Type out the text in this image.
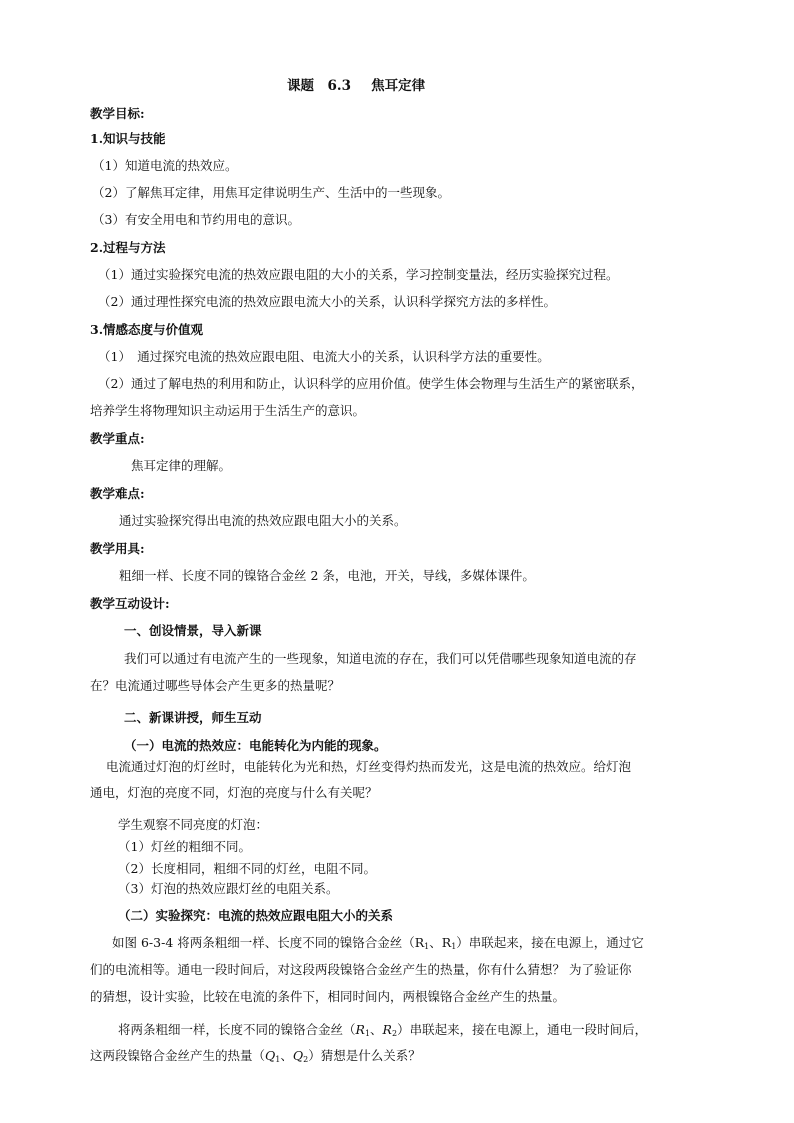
课题　6.3　 焦耳定律
教学目标:
1.知识与技能
（1）知道电流的热效应。
（2）了解焦耳定律，用焦耳定律说明生产、生活中的一些现象。
（3）有安全用电和节约用电的意识。
2.过程与方法
（1）通过实验探究电流的热效应跟电阻的大小的关系，学习控制变量法，经历实验探究过程。
（2）通过理性探究电流的热效应跟电流大小的关系，认识科学探究方法的多样性。
3.情感态度与价值观
（1）　通过探究电流的热效应跟电阻、电流大小的关系，认识科学方法的重要性。
（2）通过了解电热的利用和防止，认识科学的应用价值。使学生体会物理与生活生产的紧密联系，
培养学生将物理知识主动运用于生活生产的意识。
教学重点:
焦耳定律的理解。
教学难点:
通过实验探究得出电流的热效应跟电阻大小的关系。
教学用具:
粗细一样、长度不同的镍铬合金丝 2 条，电池，开关，导线，多媒体课件。
教学互动设计:
一、创设情景，导入新课
我们可以通过有电流产生的一些现象，知道电流的存在，我们可以凭借哪些现象知道电流的存
在？电流通过哪些导体会产生更多的热量呢？
二、新课讲授，师生互动
（一）电流的热效应：电能转化为内能的现象。
电流通过灯泡的灯丝时，电能转化为光和热，灯丝变得灼热而发光，这是电流的热效应。给灯泡
通电，灯泡的亮度不同，灯泡的亮度与什么有关呢？
学生观察不同亮度的灯泡：
（1）灯丝的粗细不同。
（2）长度相同，粗细不同的灯丝，电阻不同。
（3）灯泡的热效应跟灯丝的电阻关系。
（二）实验探究：电流的热效应跟电阻大小的关系
如图 6-3-4 将两条粗细一样、长度不同的镍铬合金丝（$R_1$、$R_1$）串联起来，接在电源上，通过它
们的电流相等。通电一段时间后，对这段两段镍铬合金丝产生的热量，你有什么猜想？ 为了验证你
的猜想，设计实验，比较在电流的条件下，相同时间内，两根镍铬合金丝产生的热量。
将两条粗细一样，长度不同的镍铬合金丝（$R_1$、$R_2$）串联起来，接在电源上，通电一段时间后，
这两段镍铬合金丝产生的热量（$Q_1$、$Q_2$）猜想是什么关系？
